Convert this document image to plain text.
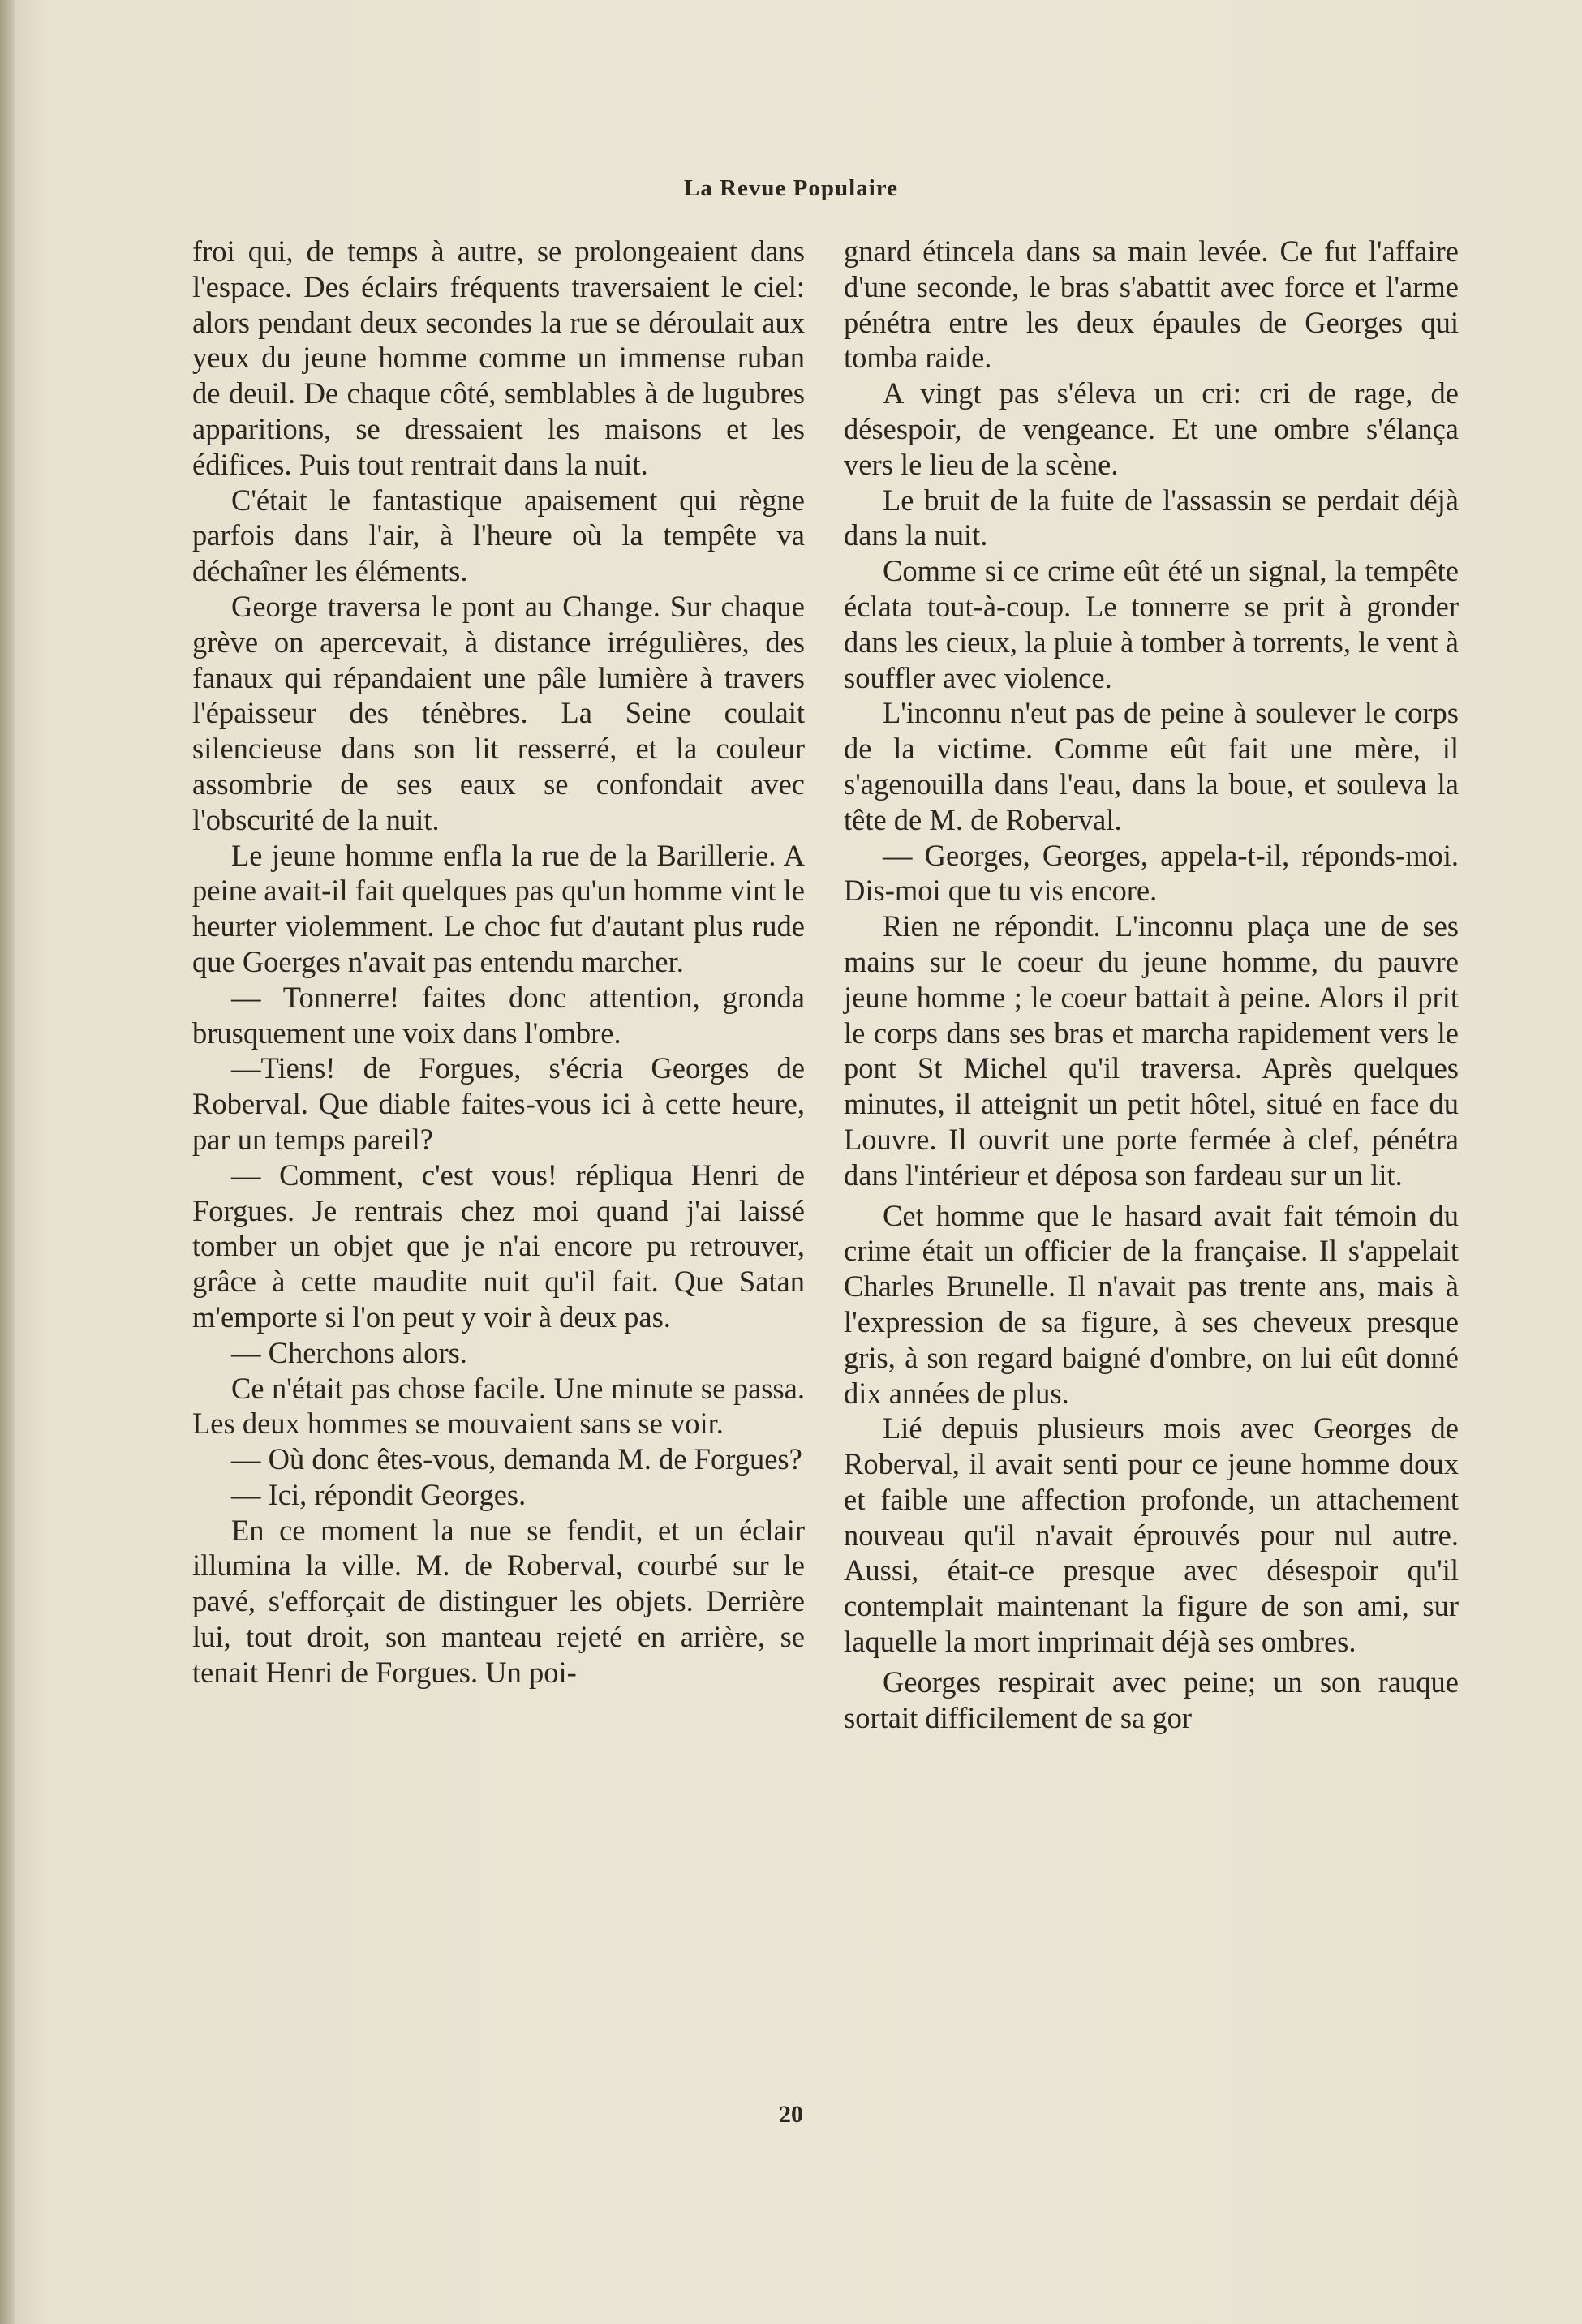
La Revue Populaire

froi qui, de temps à autre, se prolongeaient dans l'espace. Des éclairs fréquents traversaient le ciel: alors pendant deux secondes la rue se déroulait aux yeux du jeune homme comme un immense ruban de deuil. De chaque côté, semblables à de lugubres apparitions, se dressaient les maisons et les édifices. Puis tout rentrait dans la nuit.

C'était le fantastique apaisement qui règne parfois dans l'air, à l'heure où la tempête va déchaîner les éléments.

George traversa le pont au Change. Sur chaque grève on apercevait, à distance irrégulières, des fanaux qui répandaient une pâle lumière à travers l'épaisseur des ténèbres. La Seine coulait silencieuse dans son lit resserré, et la couleur assombrie de ses eaux se confondait avec l'obscurité de la nuit.

Le jeune homme enfla la rue de la Barillerie. A peine avait-il fait quelques pas qu'un homme vint le heurter violemment. Le choc fut d'autant plus rude que Goerges n'avait pas entendu marcher.

— Tonnerre! faites donc attention, gronda brusquement une voix dans l'ombre.

—Tiens! de Forgues, s'écria Georges de Roberval. Que diable faites-vous ici à cette heure, par un temps pareil?

— Comment, c'est vous! répliqua Henri de Forgues. Je rentrais chez moi quand j'ai laissé tomber un objet que je n'ai encore pu retrouver, grâce à cette maudite nuit qu'il fait. Que Satan m'emporte si l'on peut y voir à deux pas.

— Cherchons alors.

Ce n'était pas chose facile. Une minute se passa. Les deux hommes se mouvaient sans se voir.

— Où donc êtes-vous, demanda M. de Forgues?

— Ici, répondit Georges.

En ce moment la nue se fendit, et un éclair illumina la ville. M. de Roberval, courbé sur le pavé, s'efforçait de distinguer les objets. Derrière lui, tout droit, son manteau rejeté en arrière, se tenait Henri de Forgues. Un poi-

gnard étincela dans sa main levée. Ce fut l'affaire d'une seconde, le bras s'abattit avec force et l'arme pénétra entre les deux épaules de Georges qui tomba raide.

A vingt pas s'éleva un cri: cri de rage, de désespoir, de vengeance. Et une ombre s'élança vers le lieu de la scène.

Le bruit de la fuite de l'assassin se perdait déjà dans la nuit.

Comme si ce crime eût été un signal, la tempête éclata tout-à-coup. Le tonnerre se prit à gronder dans les cieux, la pluie à tomber à torrents, le vent à souffler avec violence.

L'inconnu n'eut pas de peine à soulever le corps de la victime. Comme eût fait une mère, il s'agenouilla dans l'eau, dans la boue, et souleva la tête de M. de Roberval.

— Georges, Georges, appela-t-il, réponds-moi. Dis-moi que tu vis encore.

Rien ne répondit. L'inconnu plaça une de ses mains sur le coeur du jeune homme, du pauvre jeune homme ; le coeur battait à peine. Alors il prit le corps dans ses bras et marcha rapidement vers le pont St Michel qu'il traversa. Après quelques minutes, il atteignit un petit hôtel, situé en face du Louvre. Il ouvrit une porte fermée à clef, pénétra dans l'intérieur et déposa son fardeau sur un lit.

Cet homme que le hasard avait fait témoin du crime était un officier de la française. Il s'appelait Charles Brunelle. Il n'avait pas trente ans, mais à l'expression de sa figure, à ses cheveux presque gris, à son regard baigné d'ombre, on lui eût donné dix années de plus.

Lié depuis plusieurs mois avec Georges de Roberval, il avait senti pour ce jeune homme doux et faible une affection profonde, un attachement nouveau qu'il n'avait éprouvés pour nul autre. Aussi, était-ce presque avec désespoir qu'il contemplait maintenant la figure de son ami, sur laquelle la mort imprimait déjà ses ombres.

Georges respirait avec peine; un son rauque sortait difficilement de sa gor

20
